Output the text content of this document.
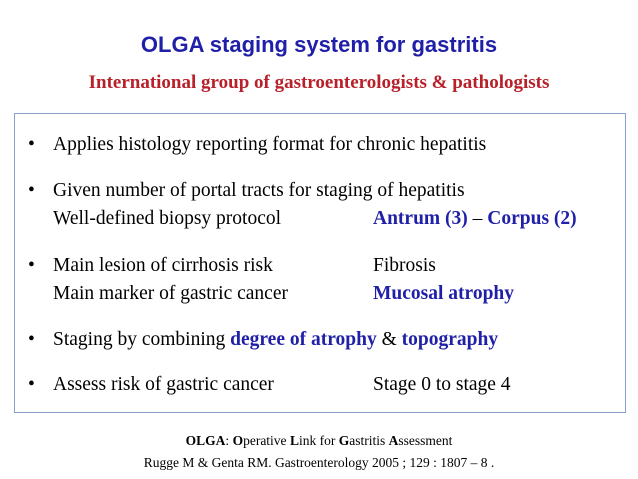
OLGA staging system for gastritis
International group of gastroenterologists & pathologists
• Applies histology reporting format for chronic hepatitis
• Given number of portal tracts for staging of hepatitis
Well-defined biopsy protocol	Antrum (3) – Corpus (2)
• Main lesion of cirrhosis risk	Fibrosis
Main marker of gastric cancer	Mucosal atrophy
• Staging by combining degree of atrophy & topography
• Assess risk of gastric cancer	Stage 0 to stage 4
OLGA: Operative Link for Gastritis Assessment
Rugge M & Genta RM. Gastroenterology 2005 ; 129 : 1807 – 8 .
